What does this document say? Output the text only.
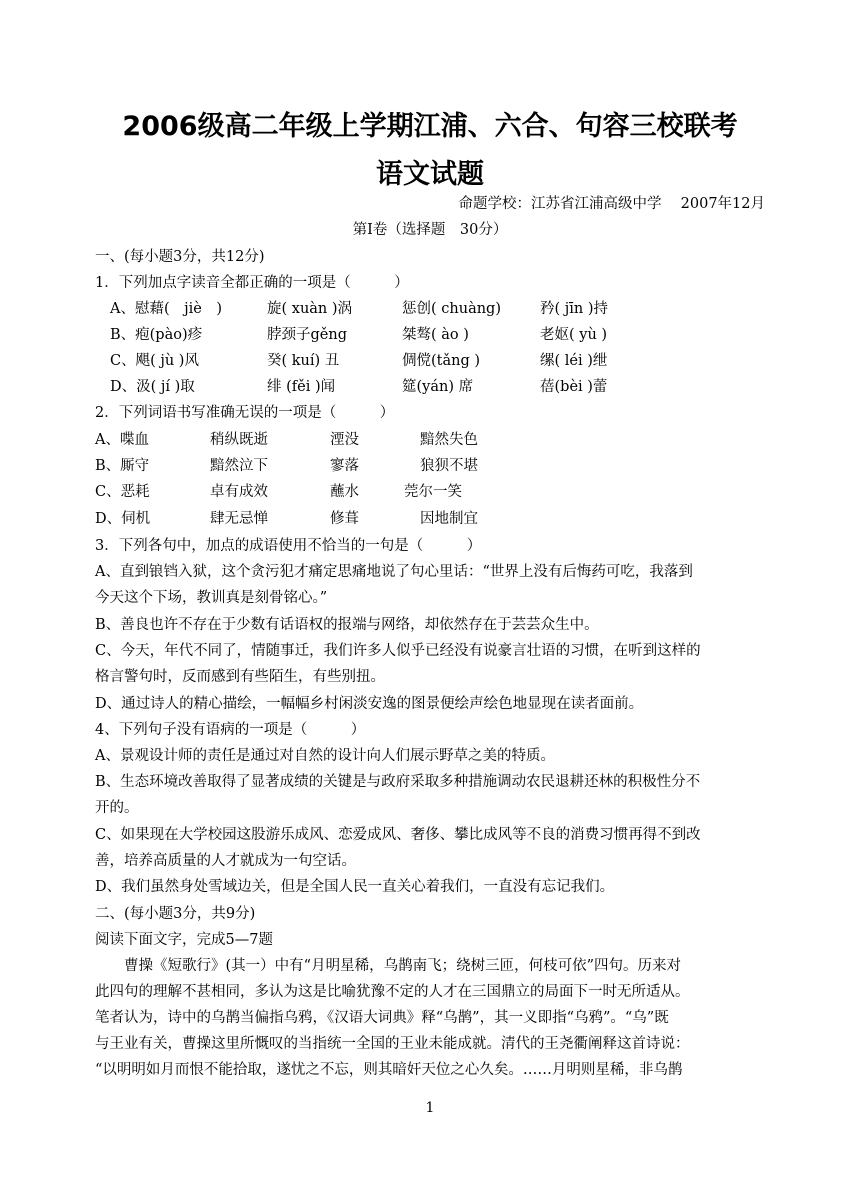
2006级高二年级上学期江浦、六合、句容三校联考
语文试题
命题学校：江苏省江浦高级中学　 2007年12月
第Ⅰ卷（选择题　30分）
一、(每小题3分，共12分)
1．下列加点字读音全都正确的一项是（　　　）
A、慰藉(　jiè　)	旋( xuàn )涡	惩创( chuàng)	矜( jīn )持
B、疱(pào)疹	脖颈子gěng	桀骜( ào )	老妪( yù )
C、飓( jù )风	癸( kuí) 丑	倜傥(tǎng )	缧( léi )绁
D、汲( jí )取	绯 (fěi )闻	筵(yán) 席	蓓(bèi )蕾
2．下列词语书写准确无误的一项是（　　　）
A、喋血	稍纵既逝	湮没	黯然失色
B、厮守	黯然泣下	寥落	狼狈不堪
C、恶耗	卓有成效	蘸水	莞尔一笑
D、伺机	肆无忌惮	修葺	因地制宜
3．下列各句中，加点的成语使用不恰当的一句是（　　　）
A、直到锒铛入狱，这个贪污犯才痛定思痛地说了句心里话：“世界上没有后悔药可吃，我落到
今天这个下场，教训真是刻骨铭心。”
B、善良也许不存在于少数有话语权的报端与网络，却依然存在于芸芸众生中。
C、今天，年代不同了，情随事迁，我们许多人似乎已经没有说豪言壮语的习惯，在听到这样的
格言警句时，反而感到有些陌生，有些别扭。
D、通过诗人的精心描绘，一幅幅乡村闲淡安逸的图景便绘声绘色地显现在读者面前。
4、下列句子没有语病的一项是（　　　）
A、景观设计师的责任是通过对自然的设计向人们展示野草之美的特质。
B、生态环境改善取得了显著成绩的关键是与政府采取多种措施调动农民退耕还林的积极性分不
开的。
C、如果现在大学校园这股游乐成风、恋爱成风、奢侈、攀比成风等不良的消费习惯再得不到改
善，培养高质量的人才就成为一句空话。
D、我们虽然身处雪域边关，但是全国人民一直关心着我们，一直没有忘记我们。
二、(每小题3分，共9分)
阅读下面文字，完成5—7题
　　曹操《短歌行》(其一）中有“月明星稀，乌鹊南飞；绕树三匝，何枝可依”四句。历来对
此四句的理解不甚相同，多认为这是比喻犹豫不定的人才在三国鼎立的局面下一时无所适从。
笔者认为，诗中的乌鹊当偏指乌鸦，《汉语大词典》释“乌鹊”，其一义即指“乌鸦”。“乌”既
与王业有关，曹操这里所慨叹的当指统一全国的王业未能成就。清代的王尧衢阐释这首诗说：
“以明明如月而恨不能拾取，遂忧之不忘，则其暗奸天位之心久矣。……月明则星稀，非乌鹊
1
